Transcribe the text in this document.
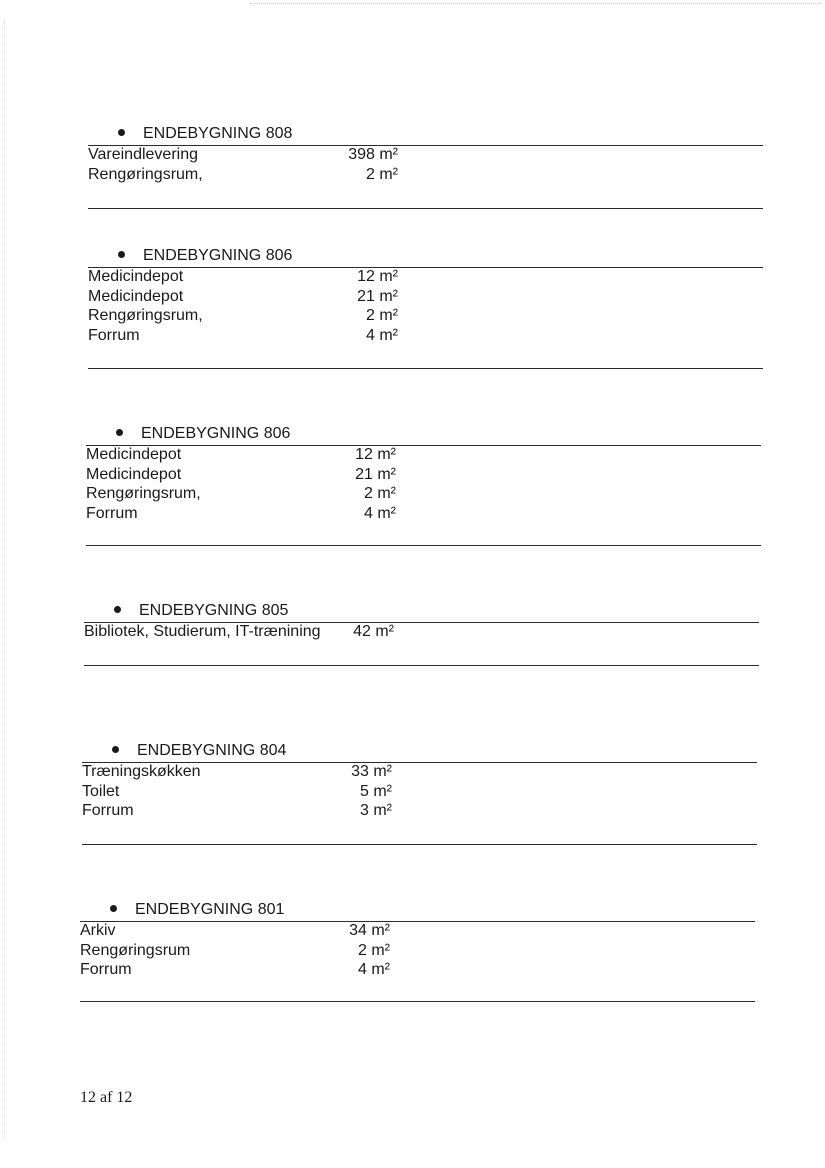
ENDEBYGNING 808
Vareindlevering	398 m²
Rengøringsrum,	2 m²
ENDEBYGNING 806
Medicindepot	12 m²
Medicindepot	21 m²
Rengøringsrum,	2 m²
Forrum	4 m²
ENDEBYGNING 806
Medicindepot	12 m²
Medicindepot	21 m²
Rengøringsrum,	2 m²
Forrum	4 m²
ENDEBYGNING 805
Bibliotek, Studierum, IT-trænining 42 m²
ENDEBYGNING 804
Træningskøkken	33 m²
Toilet	5 m²
Forrum	3 m²
ENDEBYGNING 801
Arkiv	34 m²
Rengøringsrum	2 m²
Forrum	4 m²
12 af 12
